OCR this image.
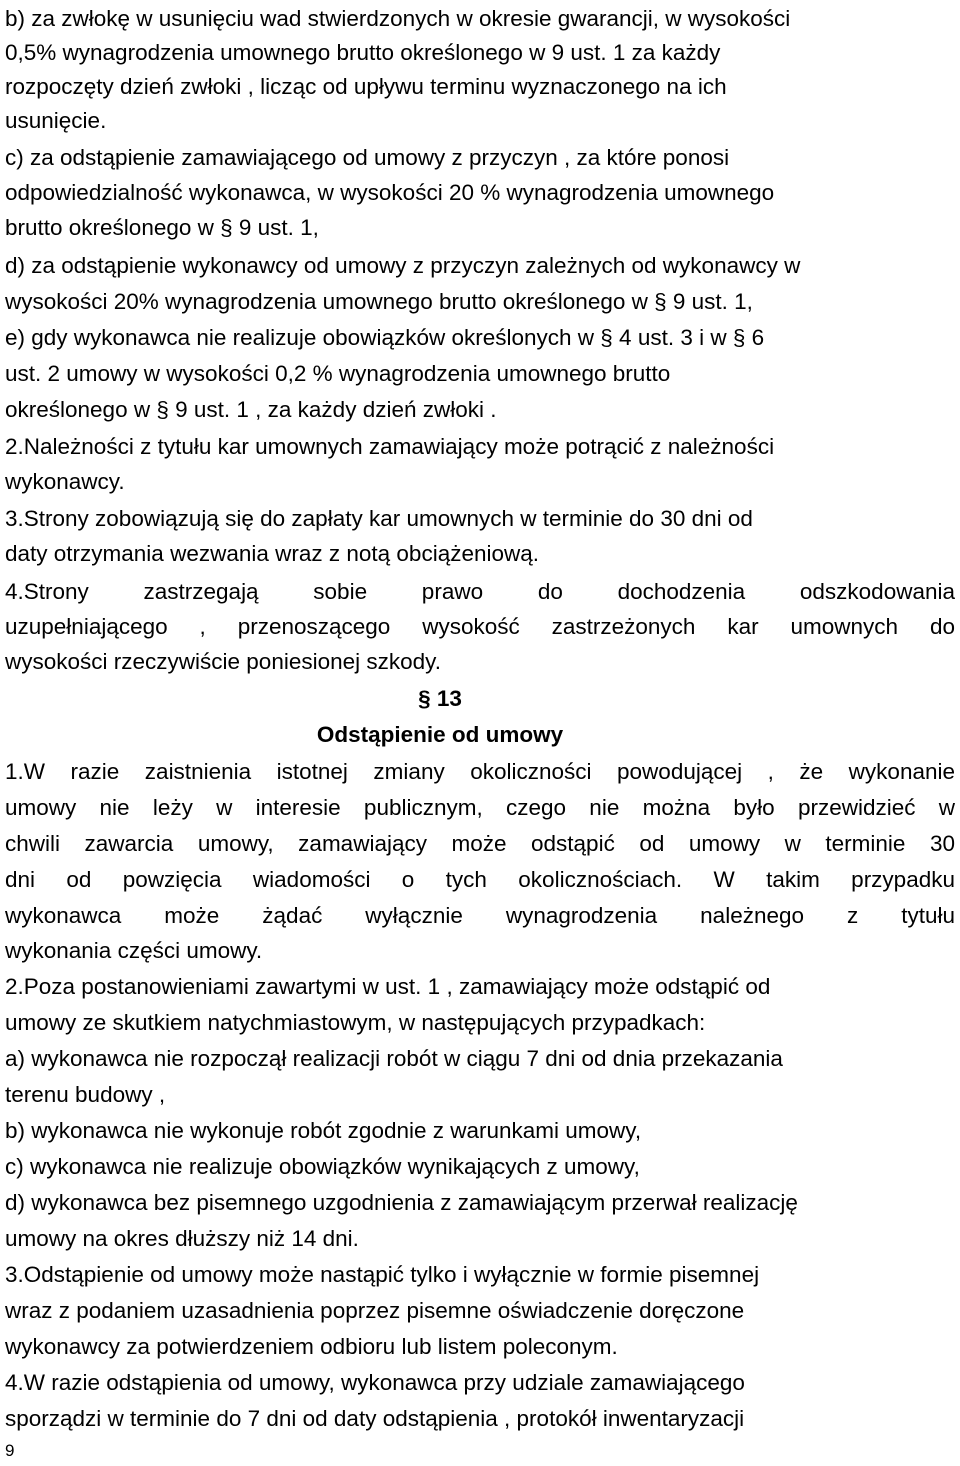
b) za zwłokę w usunięciu wad stwierdzonych w okresie gwarancji, w wysokości
0,5% wynagrodzenia umownego brutto określonego w 9 ust. 1 za każdy
rozpoczęty dzień zwłoki , licząc od upływu terminu wyznaczonego na ich
usunięcie.
c) za odstąpienie zamawiającego od umowy z przyczyn , za które ponosi
odpowiedzialność wykonawca, w wysokości 20 % wynagrodzenia umownego
brutto określonego w § 9 ust. 1,
d) za odstąpienie wykonawcy od umowy z przyczyn zależnych od wykonawcy w
wysokości 20% wynagrodzenia umownego brutto określonego w § 9 ust. 1,
e) gdy wykonawca nie realizuje obowiązków określonych w § 4 ust. 3 i w § 6
ust. 2 umowy w wysokości 0,2 % wynagrodzenia umownego brutto
określonego w § 9 ust. 1 , za każdy dzień zwłoki .
2.Należności z tytułu kar umownych zamawiający może potrącić z należności
wykonawcy.
3.Strony zobowiązują się do zapłaty kar umownych w terminie do 30 dni od
daty otrzymania wezwania wraz z notą obciążeniową.
4.Strony zastrzegają sobie prawo do dochodzenia odszkodowania
uzupełniającego , przenoszącego wysokość zastrzeżonych kar umownych do
wysokości rzeczywiście poniesionej szkody.
§ 13
Odstąpienie od umowy
1.W razie zaistnienia istotnej zmiany okoliczności powodującej , że wykonanie
umowy nie leży w interesie publicznym, czego nie można było przewidzieć w
chwili zawarcia umowy, zamawiający może odstąpić od umowy w terminie 30
dni od powzięcia wiadomości o tych okolicznościach. W takim przypadku
wykonawca może żądać wyłącznie wynagrodzenia należnego z tytułu
wykonania części umowy.
2.Poza postanowieniami zawartymi w ust. 1 , zamawiający może odstąpić od
umowy ze skutkiem natychmiastowym, w następujących przypadkach:
a) wykonawca nie rozpoczął realizacji robót w ciągu 7 dni od dnia przekazania
terenu budowy ,
b) wykonawca nie wykonuje robót zgodnie z warunkami umowy,
c) wykonawca nie realizuje obowiązków wynikających z umowy,
d) wykonawca bez pisemnego uzgodnienia z zamawiającym przerwał realizację
umowy na okres dłuższy niż 14 dni.
3.Odstąpienie od umowy może nastąpić tylko i wyłącznie w formie pisemnej
wraz z podaniem uzasadnienia poprzez pisemne oświadczenie doręczone
wykonawcy za potwierdzeniem odbioru lub listem poleconym.
4.W razie odstąpienia od umowy, wykonawca przy udziale zamawiającego
sporządzi w terminie do 7 dni od daty odstąpienia , protokół inwentaryzacji
9
